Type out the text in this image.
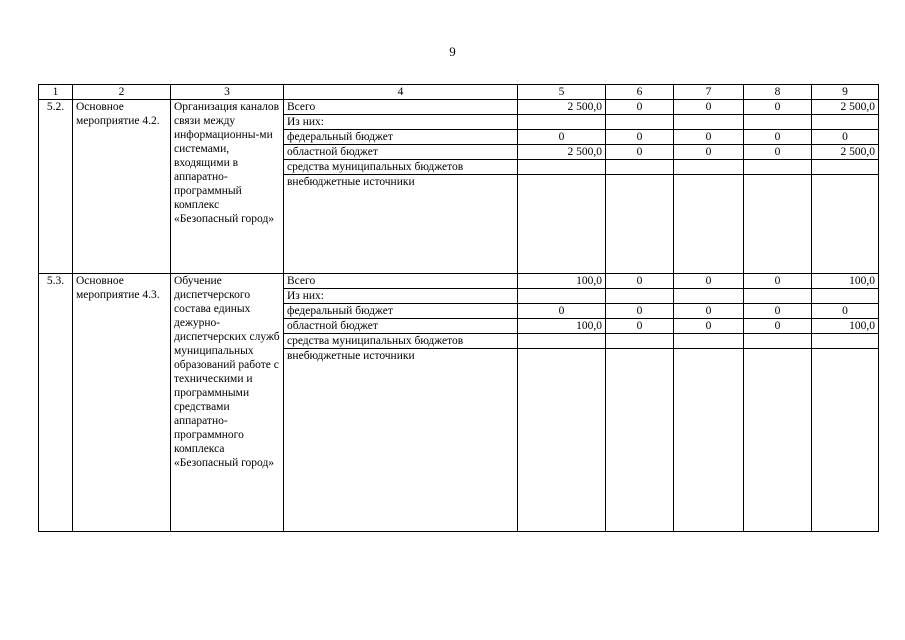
9
1	2	3	4	5	6	7	8	9
5.2.	Основное мероприятие 4.2.	Организация каналов связи между информационны-ми системами, входящими в аппаратно-программный комплекс «Безопасный город»	Всего	2 500,0	0	0	0	2 500,0
			Из них:					
			федеральный бюджет	0	0	0	0	0
			областной бюджет	2 500,0	0	0	0	2 500,0
			средства муниципальных бюджетов					
			внебюджетные источники					
5.3.	Основное мероприятие 4.3.	Обучение диспетчерского состава единых дежурно-диспетчерских служб муниципальных образований работе с техническими и программными средствами аппаратно-программного комплекса «Безопасный город»	Всего	100,0	0	0	0	100,0
			Из них:					
			федеральный бюджет	0	0	0	0	0
			областной бюджет	100,0	0	0	0	100,0
			средства муниципальных бюджетов					
			внебюджетные источники					
